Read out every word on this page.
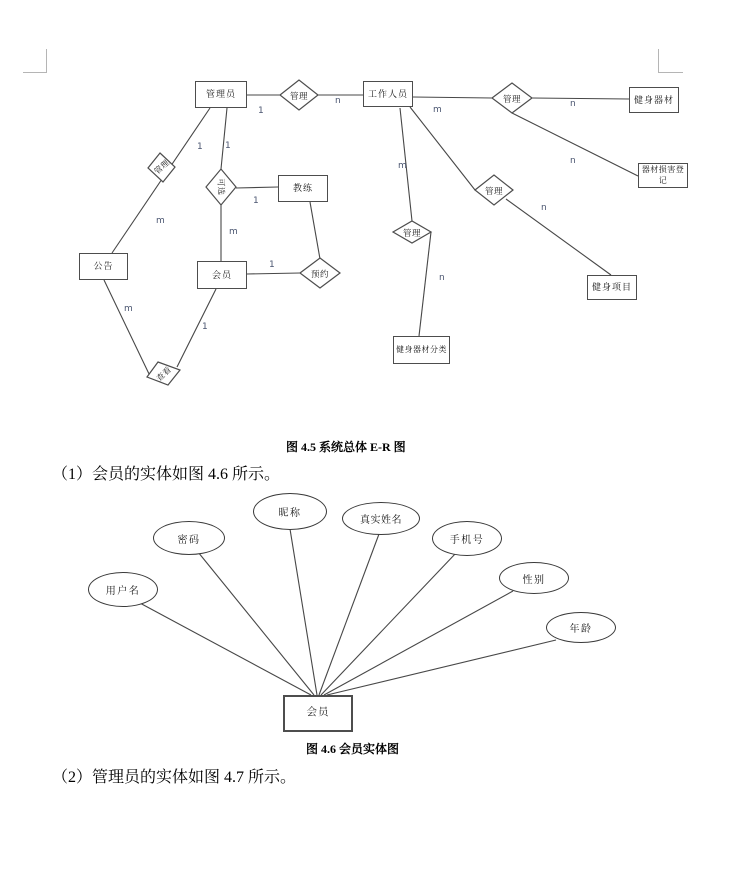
管理员	工作人员
教练
会员
公告
健身器材
器材损害登记
健身项目
健身器材分类
管理	管理
管理
管理
预约
可选
管理
查看
1
n
1 1
m
1
m
m
1
1
m
m
n
n
n
n
图 4.5 系统总体 E-R 图
（1）会员的实体如图 4.6 所示。
用户名
密码
昵称
真实姓名
手机号
性别
年龄
会员
图 4.6 会员实体图
（2）管理员的实体如图 4.7 所示。
